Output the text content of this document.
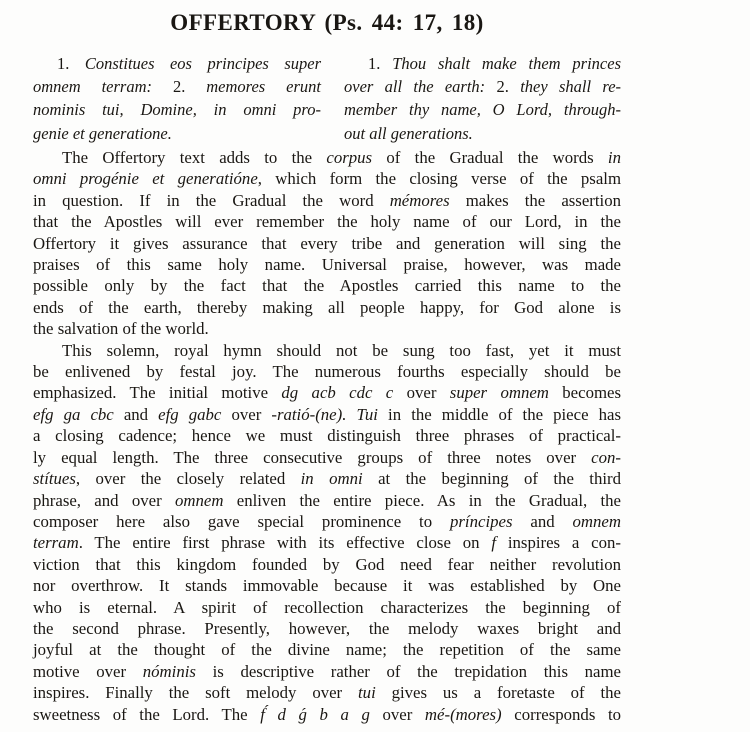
OFFERTORY (Ps. 44: 17, 18)
1. Constitues eos principes super
omnem terram: 2. memores erunt
nominis tui, Domine, in omni pro-
genie et generatione.
1. Thou shalt make them princes
over all the earth: 2. they shall re-
member thy name, O Lord, through-
out all generations.
The Offertory text adds to the corpus of the Gradual the words in
omni progénie et generatióne, which form the closing verse of the psalm
in question. If in the Gradual the word mémores makes the assertion
that the Apostles will ever remember the holy name of our Lord, in the
Offertory it gives assurance that every tribe and generation will sing the
praises of this same holy name. Universal praise, however, was made
possible only by the fact that the Apostles carried this name to the
ends of the earth, thereby making all people happy, for God alone is
the salvation of the world.
This solemn, royal hymn should not be sung too fast, yet it must
be enlivened by festal joy. The numerous fourths especially should be
emphasized. The initial motive dg acb cdc c over super omnem becomes
efg ga cbc and efg gabc over -ratió-(ne). Tui in the middle of the piece has
a closing cadence; hence we must distinguish three phrases of practical-
ly equal length. The three consecutive groups of three notes over con-
stítues, over the closely related in omni at the beginning of the third
phrase, and over omnem enliven the entire piece. As in the Gradual, the
composer here also gave special prominence to príncipes and omnem
terram. The entire first phrase with its effective close on f inspires a con-
viction that this kingdom founded by God need fear neither revolution
nor overthrow. It stands immovable because it was established by One
who is eternal. A spirit of recollection characterizes the beginning of
the second phrase. Presently, however, the melody waxes bright and
joyful at the thought of the divine name; the repetition of the same
motive over nóminis is descriptive rather of the trepidation this name
inspires. Finally the soft melody over tui gives us a foretaste of the
sweetness of the Lord. The f́ d ǵ b a g over mé-(mores) corresponds to
